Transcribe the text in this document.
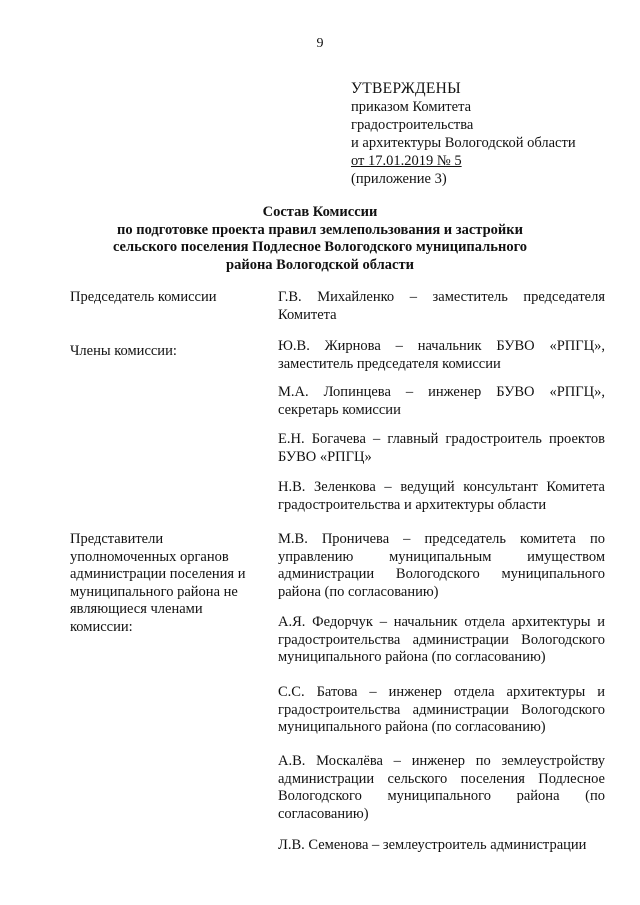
9
УТВЕРЖДЕНЫ
приказом Комитета
градостроительства
и архитектуры Вологодской области
от 17.01.2019 № 5
(приложение 3)
Состав Комиссии
по подготовке проекта правил землепользования и застройки
сельского поселения Подлесное Вологодского муниципального
района Вологодской области
Председатель комиссии
Члены комиссии:
Представители уполномоченных органов администрации поселения и муниципального района не являющиеся членами комиссии:
Г.В. Михайленко – заместитель председателя Комитета
Ю.В. Жирнова – начальник БУВО «РПГЦ», заместитель председателя комиссии
М.А. Лопинцева – инженер БУВО «РПГЦ», секретарь комиссии
Е.Н. Богачева – главный градостроитель проектов БУВО «РПГЦ»
Н.В. Зеленкова – ведущий консультант Комитета градостроительства и архитектуры области
М.В. Проничева – председатель комитета по управлению муниципальным имуществом администрации Вологодского муниципального района (по согласованию)
А.Я. Федорчук – начальник отдела архитектуры и градостроительства администрации Вологодского муниципального района (по согласованию)
С.С. Батова – инженер отдела архитектуры и градостроительства администрации Вологодского муниципального района (по согласованию)
А.В. Москалёва – инженер по землеустройству администрации сельского поселения Подлесное Вологодского муниципального района (по согласованию)
Л.В. Семенова – землеустроитель администрации
